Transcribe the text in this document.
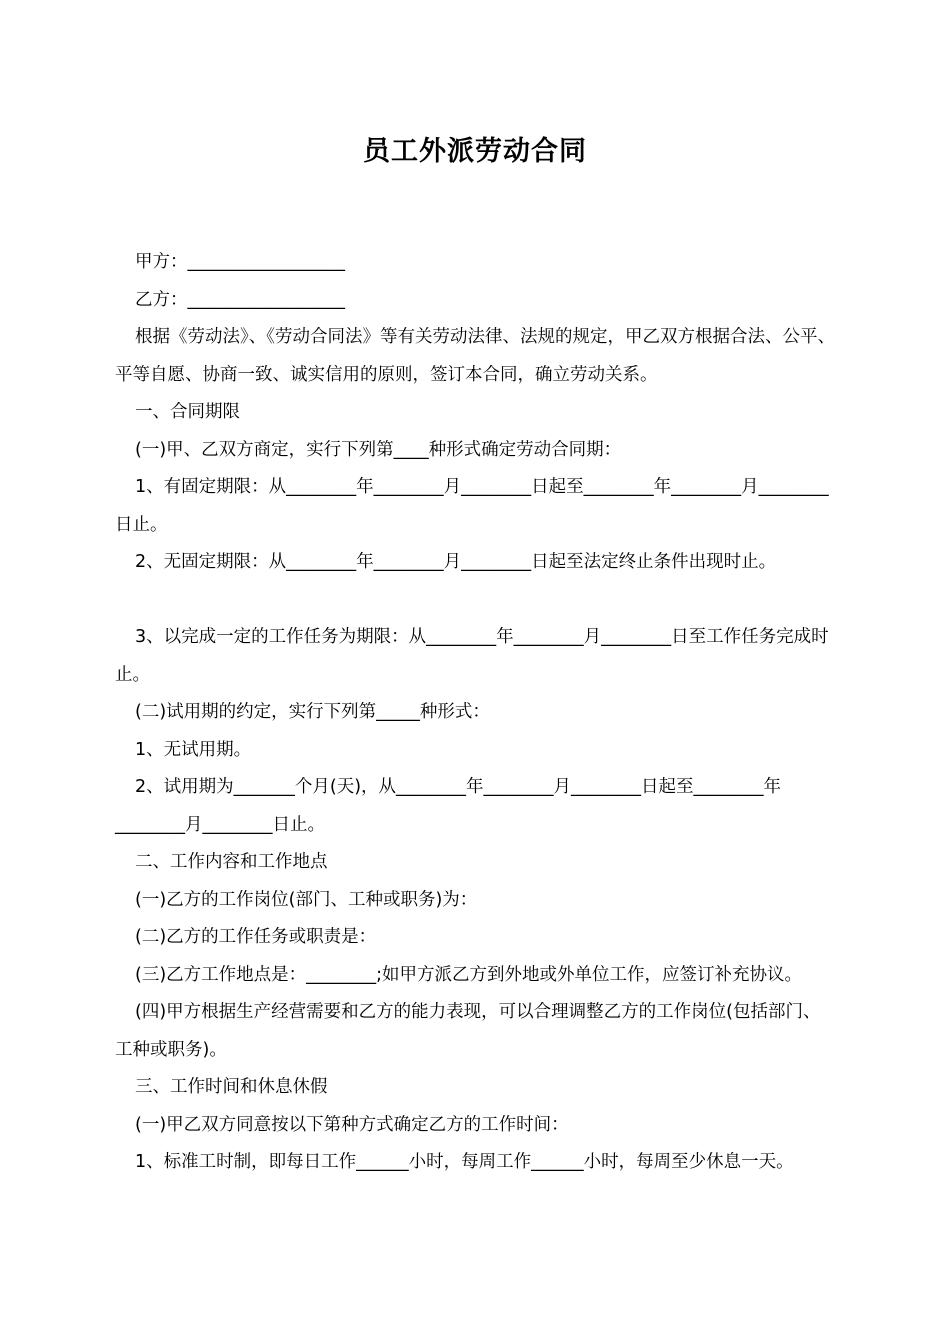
员工外派劳动合同

甲方：__________________

乙方：__________________

根据《劳动法》、《劳动合同法》等有关劳动法律、法规的规定，甲乙双方根据合法、公平、平等自愿、协商一致、诚实信用的原则，签订本合同，确立劳动关系。

一、合同期限

(一)甲、乙双方商定，实行下列第____种形式确定劳动合同期：

1、有固定期限：从________年________月________日起至________年________月________日止。

2、无固定期限：从________年________月________日起至法定终止条件出现时止。

3、以完成一定的工作任务为期限：从________年________月________日至工作任务完成时止。

(二)试用期的约定，实行下列第_____种形式：

1、无试用期。

2、试用期为_______个月(天)，从________年________月________日起至________年________月________日止。

二、工作内容和工作地点

(一)乙方的工作岗位(部门、工种或职务)为：

(二)乙方的工作任务或职责是：

(三)乙方工作地点是：________;如甲方派乙方到外地或外单位工作，应签订补充协议。

(四)甲方根据生产经营需要和乙方的能力表现，可以合理调整乙方的工作岗位(包括部门、工种或职务)。

三、工作时间和休息休假

(一)甲乙双方同意按以下第种方式确定乙方的工作时间：

1、标准工时制，即每日工作______小时，每周工作______小时，每周至少休息一天。
